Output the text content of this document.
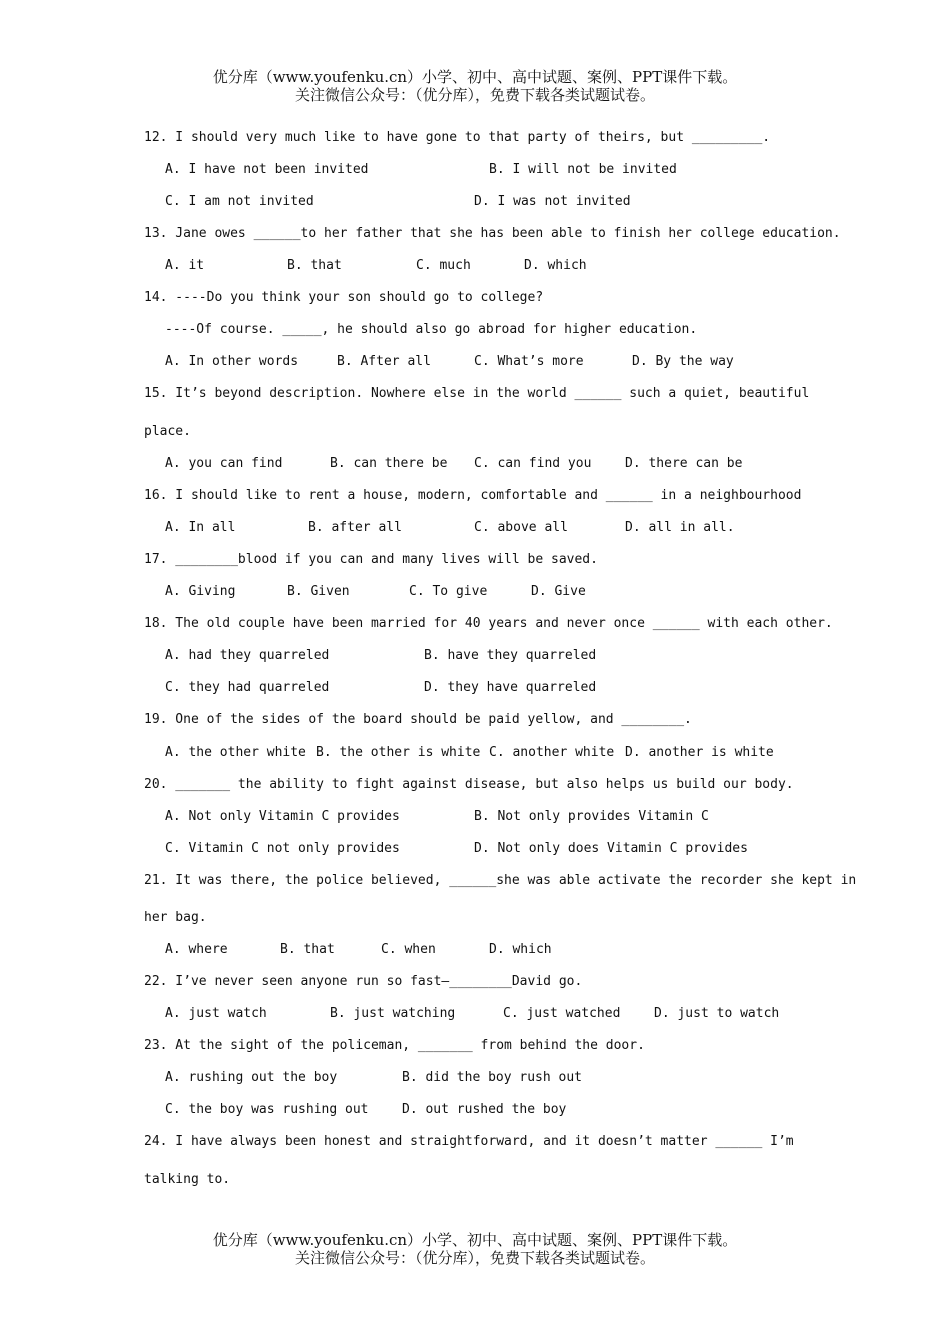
优分库（www.youfenku.cn）小学、初中、高中试题、案例、PPT课件下载。
关注微信公众号：（优分库），免费下载各类试题试卷。
12. I should very much like to have gone to that party of theirs, but _________.
A. I have not been invited	B. I will not be invited
C. I am not invited	D. I was not invited
13. Jane owes ______to her father that she has been able to finish her college education.
A. it	B. that	C. much	D. which
14. ----Do you think your son should go to college?
----Of course. _____, he should also go abroad for higher education.
A. In other words	B. After all	C. What’s more	D. By the way
15. It’s beyond description. Nowhere else in the world ______ such a quiet, beautiful
place.
A. you can find	B. can there be C. can find you	D. there can be
16. I should like to rent a house, modern, comfortable and ______ in a neighbourhood
A. In all	B. after all	C. above all	D. all in all.
17. ________blood if you can and many lives will be saved.
A. Giving	B. Given	C. To give	D. Give
18. The old couple have been married for 40 years and never once ______ with each other.
A. had they quarreled	B. have they quarreled
C. they had quarreled	D. they have quarreled
19. One of the sides of the board should be paid yellow, and ________.
A. the other white B. the other is white C. another white D. another is white
20. _______ the ability to fight against disease, but also helps us build our body.
A. Not only Vitamin C provides	B. Not only provides Vitamin C
C. Vitamin C not only provides	D. Not only does Vitamin C provides
21. It was there, the police believed, ______she was able activate the recorder she kept in
her bag.
A. where	B. that	C. when	D. which
22. I’ve never seen anyone run so fast—________David go.
A. just watch	B. just watching	C. just watched	D. just to watch
23. At the sight of the policeman, _______ from behind the door.
A. rushing out the boy	B. did the boy rush out
C. the boy was rushing out	D. out rushed the boy
24. I have always been honest and straightforward, and it doesn’t matter ______ I’m
talking to.
优分库（www.youfenku.cn）小学、初中、高中试题、案例、PPT课件下载。
关注微信公众号：（优分库），免费下载各类试题试卷。
